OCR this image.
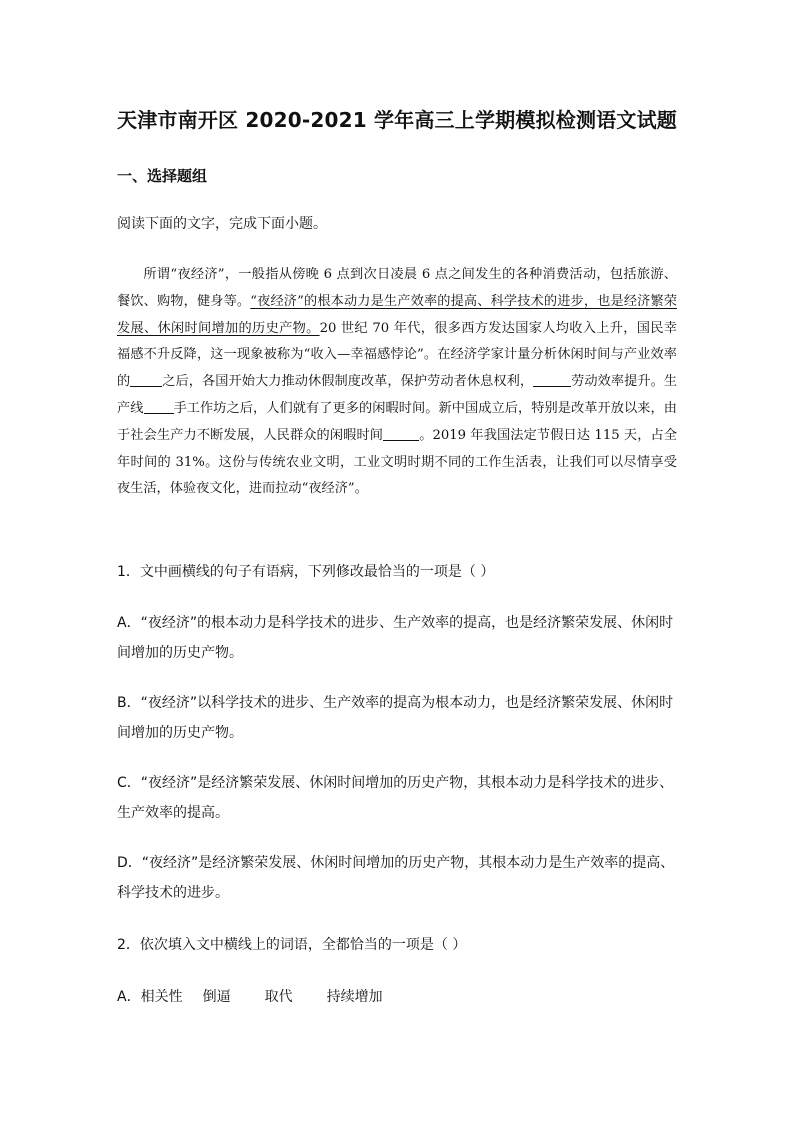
天津市南开区 2020-2021 学年高三上学期模拟检测语文试题
一、选择题组
阅读下面的文字，完成下面小题。

所谓“夜经济”，一般指从傍晚 6 点到次日凌晨 6 点之间发生的各种消费活动，包括旅游、餐饮、购物，健身等。“夜经济”的根本动力是生产效率的提高、科学技术的进步，也是经济繁荣发展、休闲时间增加的历史产物。20 世纪 70 年代，很多西方发达国家人均收入上升，国民幸福感不升反降，这一现象被称为“收入—幸福感悖论”。在经济学家计量分析休闲时间与产业效率的 之后，各国开始大力推动休假制度改革，保护劳动者休息权利，	劳动效率提升。生产线 手工作坊之后，人们就有了更多的闲暇时间。新中国成立后，特别是改革开放以来，由于社会生产力不断发展，人民群众的闲暇时间	。2019 年我国法定节假日达 115 天，占全年时间的 31%。这份与传统农业文明，工业文明时期不同的工作生活表，让我们可以尽情享受夜生活，体验夜文化，进而拉动“夜经济”。

1．文中画横线的句子有语病，下列修改最恰当的一项是（ ）
A．“夜经济”的根本动力是科学技术的进步、生产效率的提高，也是经济繁荣发展、休闲时间增加的历史产物。
B．“夜经济”以科学技术的进步、生产效率的提高为根本动力，也是经济繁荣发展、休闲时间增加的历史产物。
C．“夜经济”是经济繁荣发展、休闲时间增加的历史产物，其根本动力是科学技术的进步、生产效率的提高。
D．“夜经济”是经济繁荣发展、休闲时间增加的历史产物，其根本动力是生产效率的提高、科学技术的进步。
2．依次填入文中横线上的词语，全都恰当的一项是（ ）
A．相关性 倒逼 取代 持续增加
